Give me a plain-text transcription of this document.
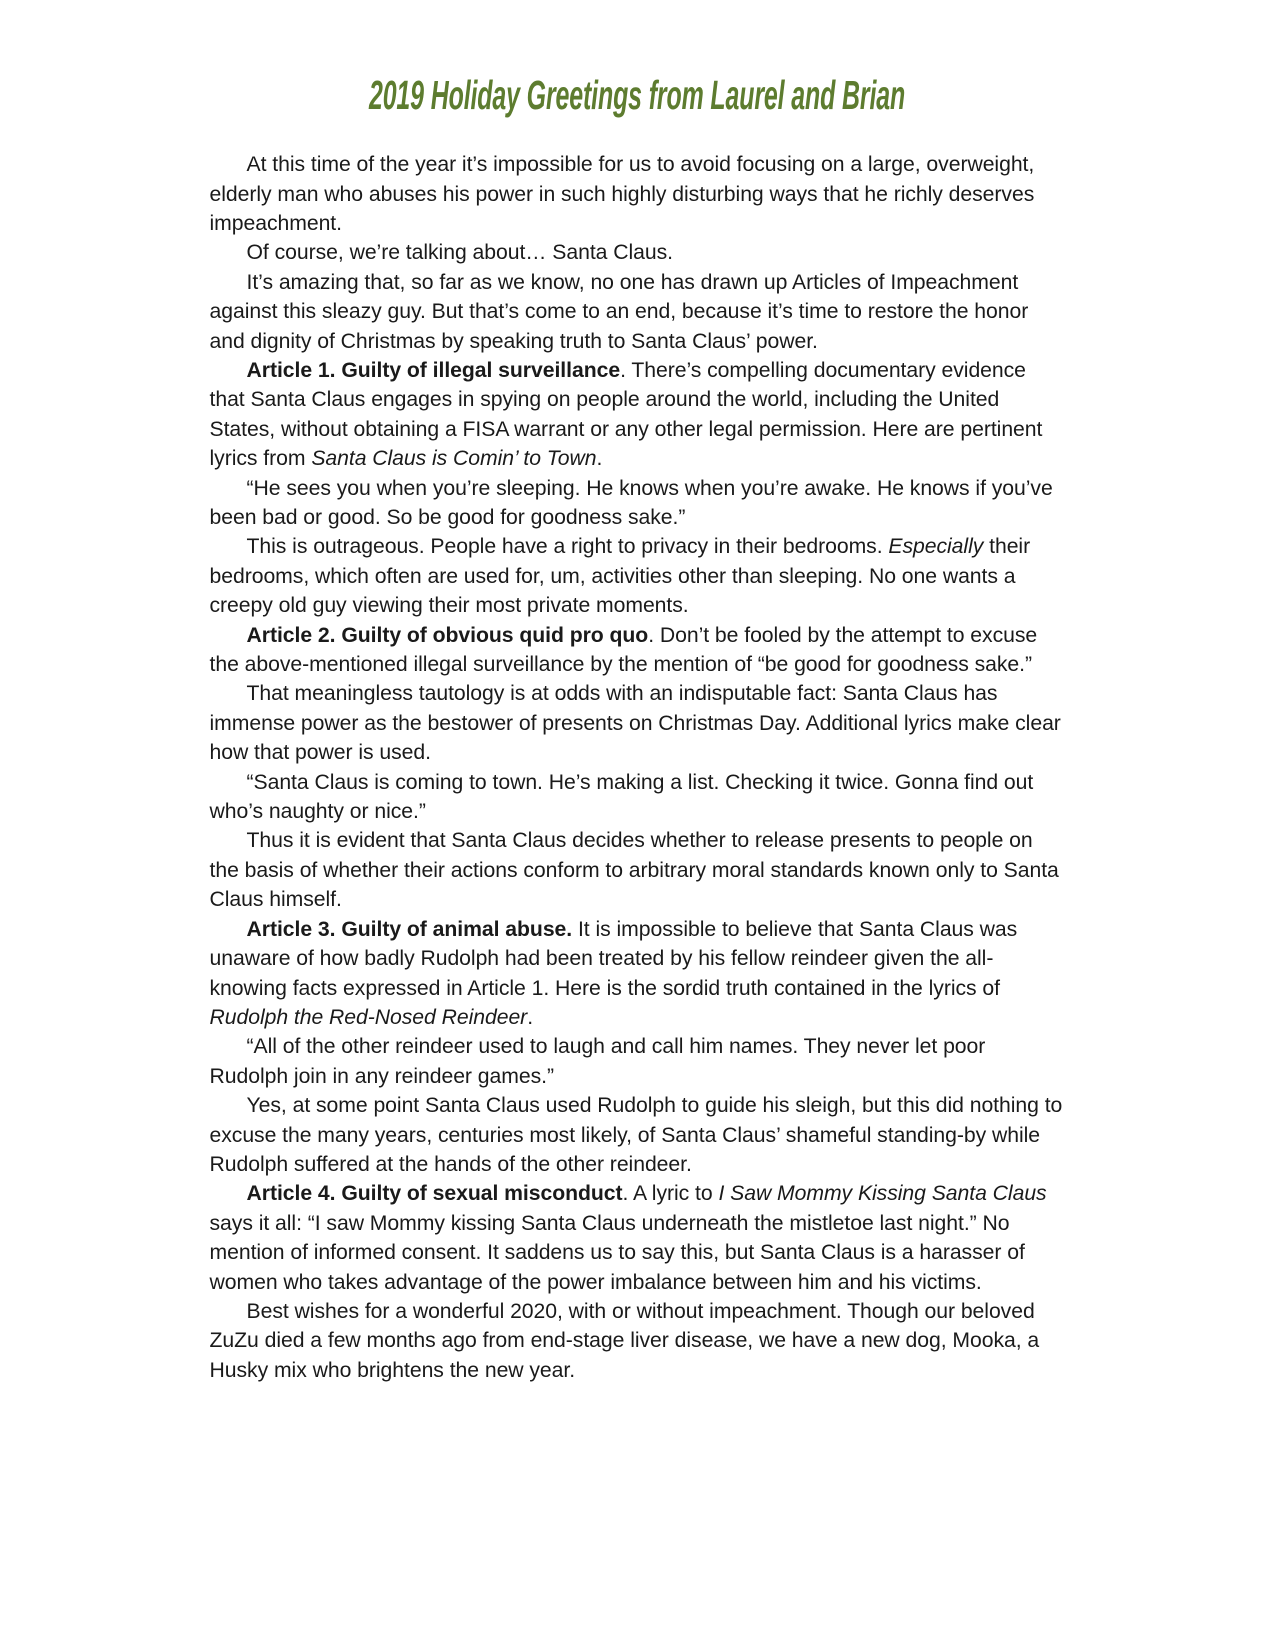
2019 Holiday Greetings from Laurel and Brian

At this time of the year it’s impossible for us to avoid focusing on a large, overweight, elderly man who abuses his power in such highly disturbing ways that he richly deserves impeachment.

Of course, we’re talking about… Santa Claus.

It’s amazing that, so far as we know, no one has drawn up Articles of Impeachment against this sleazy guy. But that’s come to an end, because it’s time to restore the honor and dignity of Christmas by speaking truth to Santa Claus’ power.

Article 1. Guilty of illegal surveillance. There’s compelling documentary evidence that Santa Claus engages in spying on people around the world, including the United States, without obtaining a FISA warrant or any other legal permission. Here are pertinent lyrics from Santa Claus is Comin’ to Town.

“He sees you when you’re sleeping. He knows when you’re awake. He knows if you’ve been bad or good. So be good for goodness sake.”

This is outrageous. People have a right to privacy in their bedrooms. Especially their bedrooms, which often are used for, um, activities other than sleeping. No one wants a creepy old guy viewing their most private moments.

Article 2. Guilty of obvious quid pro quo. Don’t be fooled by the attempt to excuse the above-mentioned illegal surveillance by the mention of “be good for goodness sake.”

That meaningless tautology is at odds with an indisputable fact: Santa Claus has immense power as the bestower of presents on Christmas Day. Additional lyrics make clear how that power is used.

“Santa Claus is coming to town. He’s making a list. Checking it twice. Gonna find out who’s naughty or nice.”

Thus it is evident that Santa Claus decides whether to release presents to people on the basis of whether their actions conform to arbitrary moral standards known only to Santa Claus himself.

Article 3. Guilty of animal abuse. It is impossible to believe that Santa Claus was unaware of how badly Rudolph had been treated by his fellow reindeer given the all-knowing facts expressed in Article 1. Here is the sordid truth contained in the lyrics of Rudolph the Red-Nosed Reindeer.

“All of the other reindeer used to laugh and call him names. They never let poor Rudolph join in any reindeer games.”

Yes, at some point Santa Claus used Rudolph to guide his sleigh, but this did nothing to excuse the many years, centuries most likely, of Santa Claus’ shameful standing-by while Rudolph suffered at the hands of the other reindeer.

Article 4. Guilty of sexual misconduct. A lyric to I Saw Mommy Kissing Santa Claus says it all: “I saw Mommy kissing Santa Claus underneath the mistletoe last night.” No mention of informed consent. It saddens us to say this, but Santa Claus is a harasser of women who takes advantage of the power imbalance between him and his victims.

Best wishes for a wonderful 2020, with or without impeachment. Though our beloved ZuZu died a few months ago from end-stage liver disease, we have a new dog, Mooka, a Husky mix who brightens the new year.
